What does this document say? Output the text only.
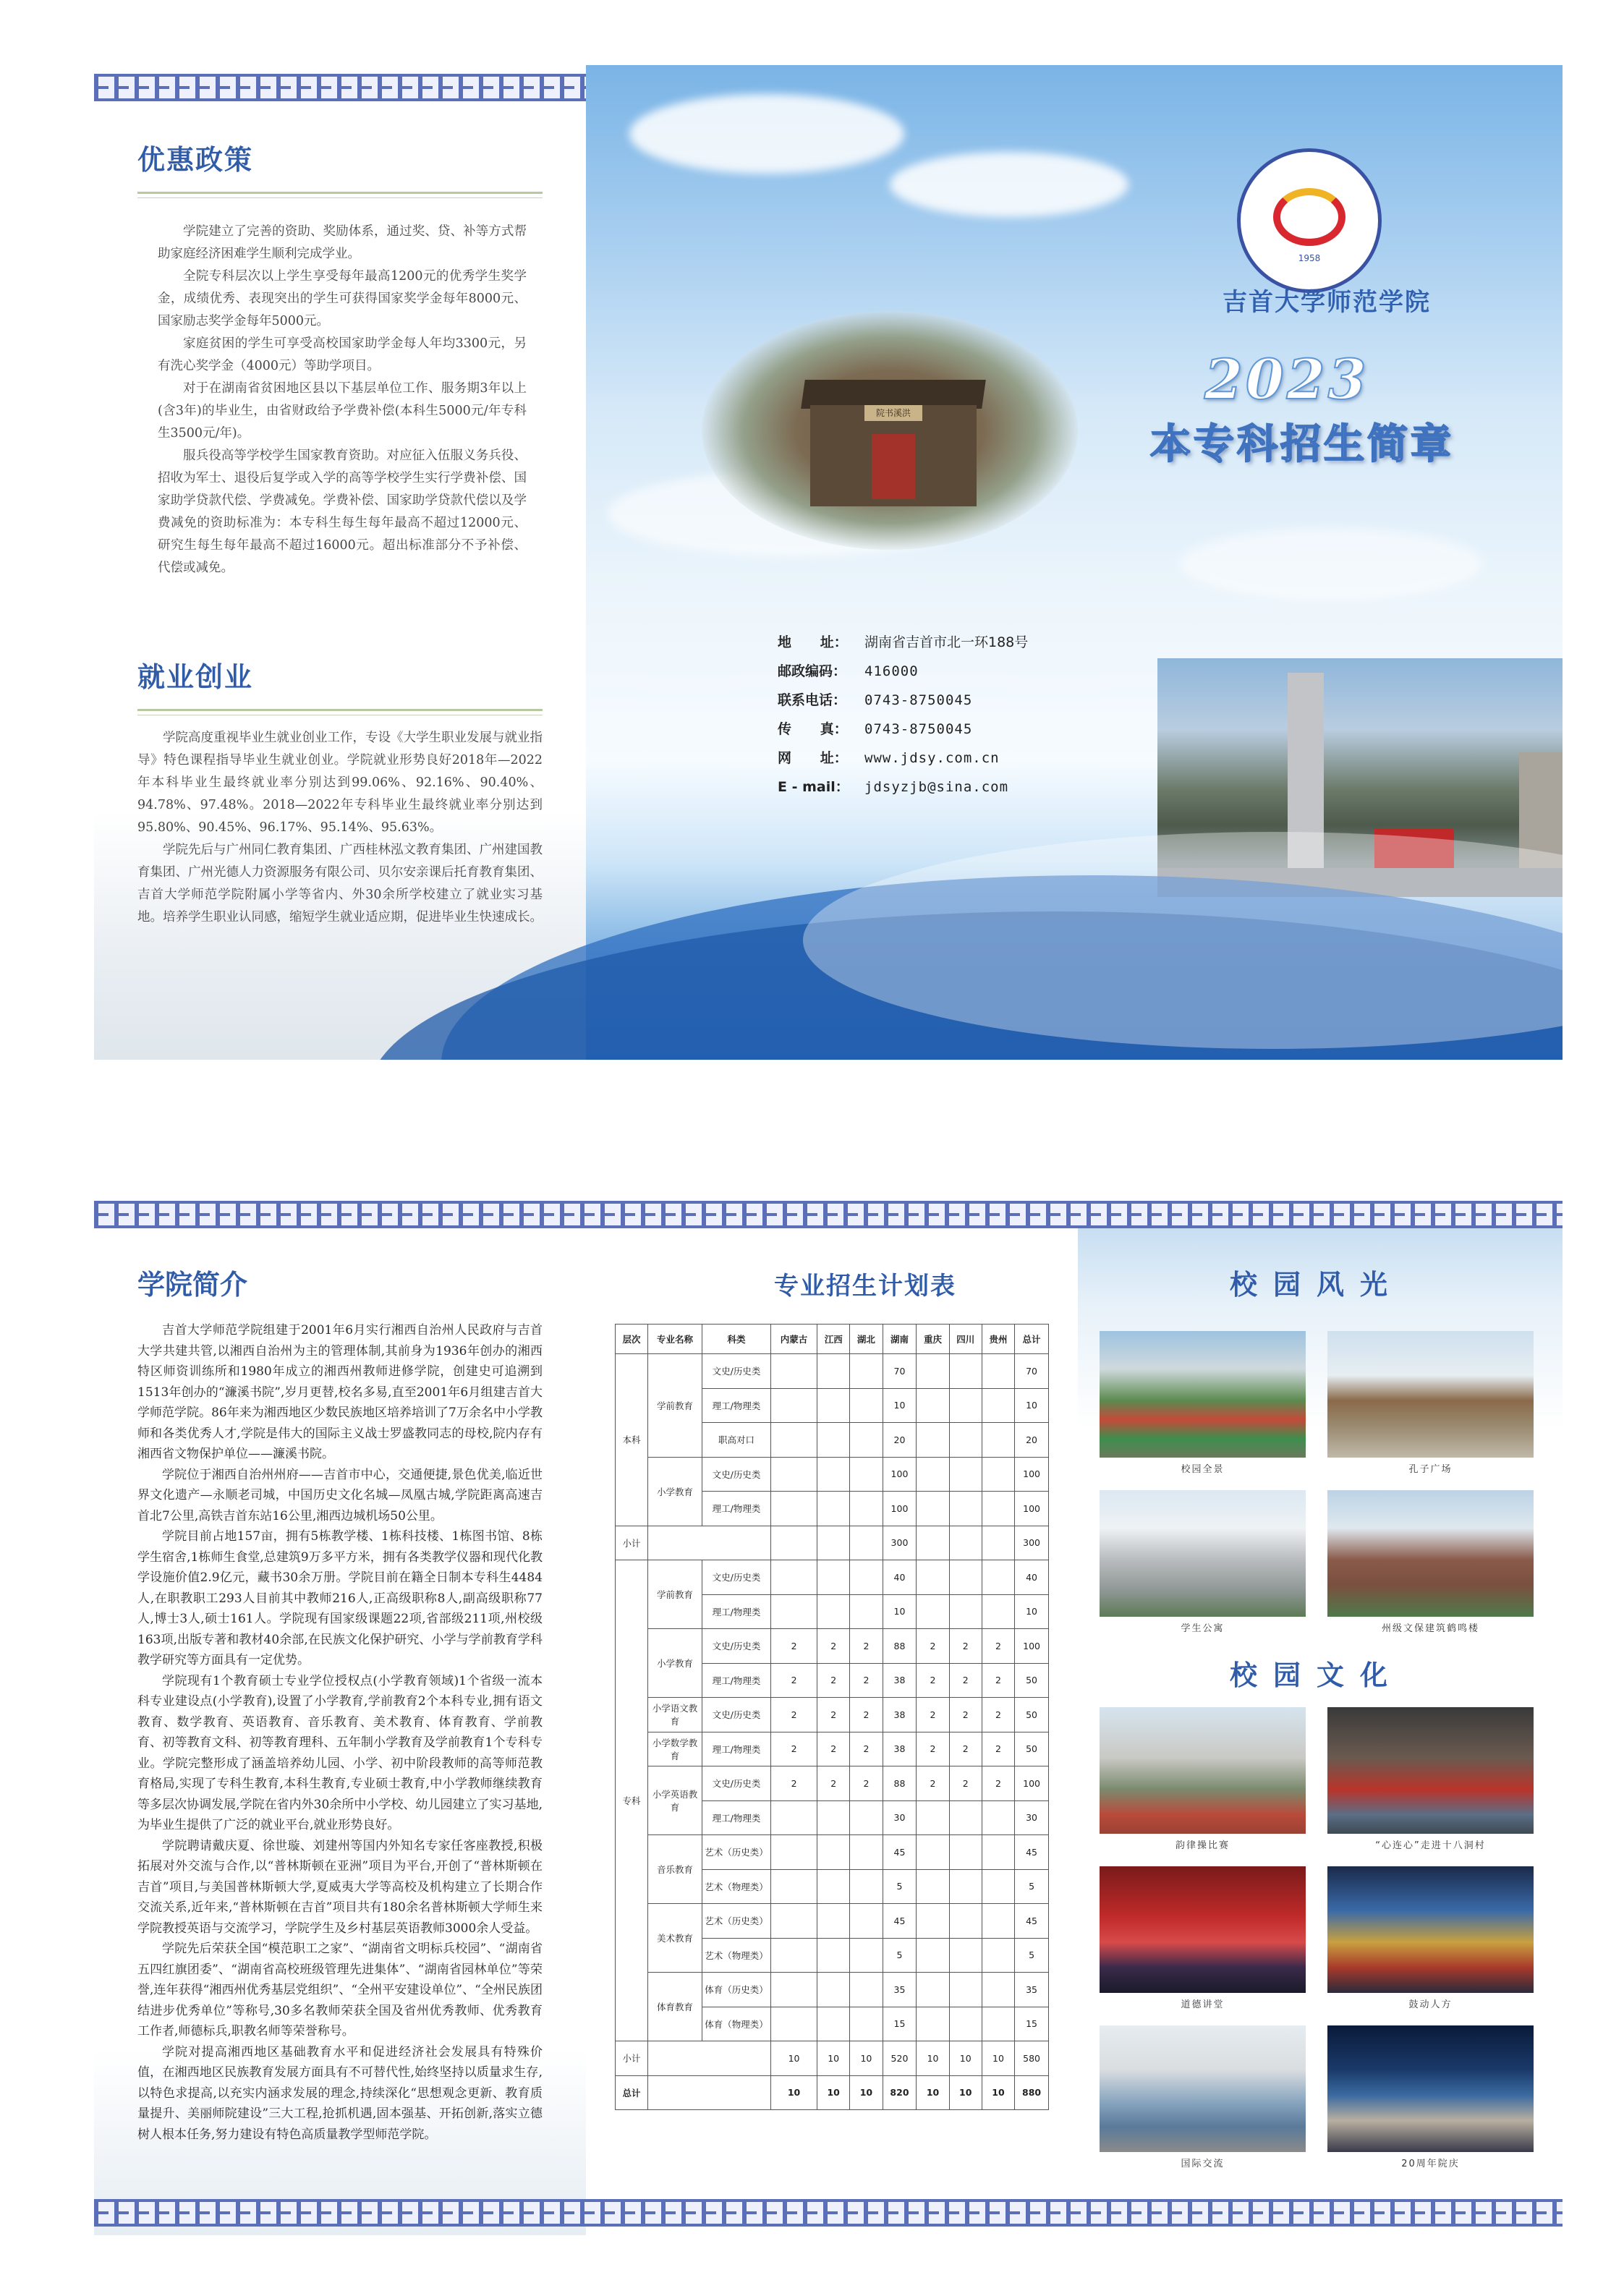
优惠政策

学院建立了完善的资助、奖励体系，通过奖、贷、补等方式帮助家庭经济困难学生顺利完成学业。

全院专科层次以上学生享受每年最高1200元的优秀学生奖学金，成绩优秀、表现突出的学生可获得国家奖学金每年8000元、国家励志奖学金每年5000元。

家庭贫困的学生可享受高校国家助学金每人年均3300元，另有洗心奖学金（4000元）等助学项目。

对于在湖南省贫困地区县以下基层单位工作、服务期3年以上(含3年)的毕业生，由省财政给予学费补偿(本科生5000元/年专科生3500元/年)。

服兵役高等学校学生国家教育资助。对应征入伍服义务兵役、招收为军士、退役后复学或入学的高等学校学生实行学费补偿、国家助学贷款代偿、学费减免。学费补偿、国家助学贷款代偿以及学费减免的资助标准为：本专科生每生每年最高不超过12000元、研究生每生每年最高不超过16000元。超出标准部分不予补偿、代偿或减免。

就业创业

学院高度重视毕业生就业创业工作，专设《大学生职业发展与就业指导》特色课程指导毕业生就业创业。学院就业形势良好2018年—2022年本科毕业生最终就业率分别达到99.06%、92.16%、90.40%、94.78%、97.48%。2018—2022年专科毕业生最终就业率分别达到95.80%、90.45%、96.17%、95.14%、95.63%。

学院先后与广州同仁教育集团、广西桂林泓文教育集团、广州建国教育集团、广州光德人力资源服务有限公司、贝尔安亲课后托育教育集团、吉首大学师范学院附属小学等省内、外30余所学校建立了就业实习基地。培养学生职业认同感，缩短学生就业适应期，促进毕业生快速成长。

院书溪洪
1958
吉首大学师范学院
2023
本专科招生简章
地      址：	湖南省吉首市北一环188号
邮政编码：	416000
联系电话：	0743-8750045
传      真：	0743-8750045
网      址：	www.jdsy.com.cn
E - mail：	jdsyzjb@sina.com
学院简介

吉首大学师范学院组建于2001年6月实行湘西自治州人民政府与吉首大学共建共管,以湘西自治州为主的管理体制,其前身为1936年创办的湘西特区师资训练所和1980年成立的湘西州教师进修学院，创建史可追溯到1513年创办的“濂溪书院”,岁月更替,校名多易,直至2001年6月组建吉首大学师范学院。86年来为湘西地区少数民族地区培养培训了7万余名中小学教师和各类优秀人才,学院是伟大的国际主义战士罗盛教同志的母校,院内存有湘西省文物保护单位——濂溪书院。

学院位于湘西自治州州府——吉首市中心，交通便捷,景色优美,临近世界文化遗产—永顺老司城，中国历史文化名城—凤凰古城,学院距离高速吉首北7公里,高铁吉首东站16公里,湘西边城机场50公里。

学院目前占地157亩，拥有5栋教学楼、1栋科技楼、1栋图书馆、8栋学生宿舍,1栋师生食堂,总建筑9万多平方米，拥有各类教学仪器和现代化教学设施价值2.9亿元，藏书30余万册。学院目前在籍全日制本专科生4484人,在职教职工293人目前其中教师216人,正高级职称8人,副高级职称77人,博士3人,硕士161人。学院现有国家级课题22项,省部级211项,州校级163项,出版专著和教材40余部,在民族文化保护研究、小学与学前教育学科教学研究等方面具有一定优势。

学院现有1个教育硕士专业学位授权点(小学教育领域)1个省级一流本科专业建设点(小学教育),设置了小学教育,学前教育2个本科专业,拥有语文教育、数学教育、英语教育、音乐教育、美术教育、体育教育、学前教育、初等教育文科、初等教育理科、五年制小学教育及学前教育1个专科专业。学院完整形成了涵盖培养幼儿园、小学、初中阶段教师的高等师范教育格局,实现了专科生教育,本科生教育,专业硕士教育,中小学教师继续教育等多层次协调发展,学院在省内外30余所中小学校、幼儿园建立了实习基地,为毕业生提供了广泛的就业平台,就业形势良好。

学院聘请戴庆夏、徐世璇、刘建州等国内外知名专家任客座教授,积极拓展对外交流与合作,以“普林斯顿在亚洲”项目为平台,开创了“普林斯顿在吉首”项目,与美国普林斯顿大学,夏威夷大学等高校及机构建立了长期合作交流关系,近年来,“普林斯顿在吉首”项目共有180余名普林斯顿大学师生来学院教授英语与交流学习，学院学生及乡村基层英语教师3000余人受益。

学院先后荣获全国“模范职工之家”、“湖南省文明标兵校园”、“湖南省五四红旗团委”、“湖南省高校班级管理先进集体”、“湖南省园林单位”等荣誉,连年获得“湘西州优秀基层党组织”、“全州平安建设单位”、“全州民族团结进步优秀单位”等称号,30多名教师荣获全国及省州优秀教师、优秀教育工作者,师德标兵,职教名师等荣誉称号。

学院对提高湘西地区基础教育水平和促进经济社会发展具有特殊价值，在湘西地区民族教育发展方面具有不可替代性,始终坚持以质量求生存,以特色求提高,以充实内涵求发展的理念,持续深化“思想观念更新、教育质量提升、美丽师院建设”三大工程,抢抓机遇,固本强基、开拓创新,落实立德树人根本任务,努力建设有特色高质量教学型师范学院。

专业招生计划表
层次	专业名称	科类	内蒙古	江西	湖北	湖南	重庆	四川	贵州	总计
本科	学前教育	文史/历史类				70				70
		理工/物理类				10				10
		职高对口				20				20
	小学教育	文史/历史类				100				100
		理工/物理类				100				100
小计						300				300
专科	学前教育	文史/历史类				40				40
		理工/物理类				10				10
	小学教育	文史/历史类	2	2	2	88	2	2	2	100
		理工/物理类	2	2	2	38	2	2	2	50
	小学语文教育	文史/历史类	2	2	2	38	2	2	2	50
	小学数学教育	理工/物理类	2	2	2	38	2	2	2	50
	小学英语教育	文史/历史类	2	2	2	88	2	2	2	100
		理工/物理类				30				30
	音乐教育	艺术（历史类）				45				45
		艺术（物理类）				5				5
	美术教育	艺术（历史类）				45				45
		艺术（物理类）				5				5
	体育教育	体育（历史类）				35				35
		体育（物理类）				15				15
小计			10	10	10	520	10	10	10	580
总计			10	10	10	820	10	10	10	880
校园风光
校园全景	孔子广场
学生公寓	州级文保建筑鹤鸣楼
校园文化
韵律操比赛	“心连心”走进十八洞村
道德讲堂	鼓动人方
国际交流	20周年院庆
